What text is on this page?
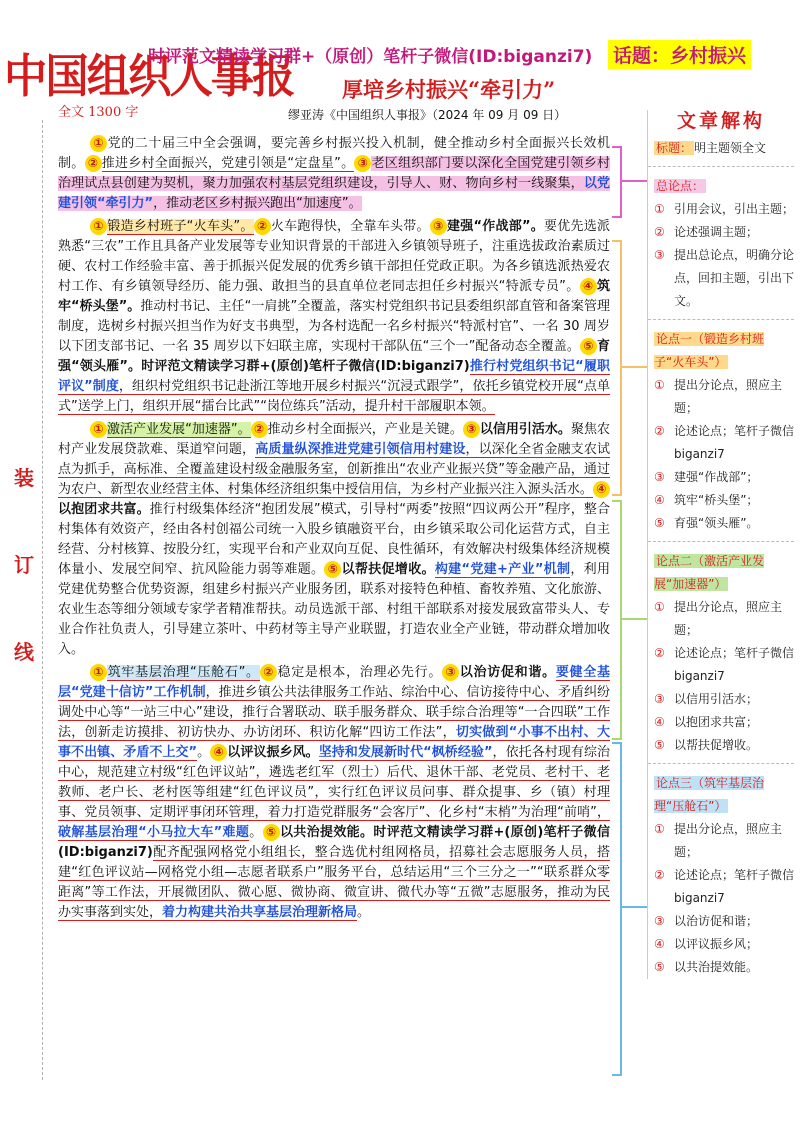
中国组织人事报
时评范文精读学习群+（原创）笔杆子微信(ID:biganzi7) 话题：乡村振兴
厚培乡村振兴“牵引力”
全文 1300 字	缪亚涛《中国组织人事报》（2024 年 09 月 09 日）
装
订
线

① 党的二十届三中全会强调，要完善乡村振兴投入机制，健全推动乡村全面振兴长效机制。 ② 推进乡村全面振兴，党建引领是“定盘星”。 ③ 老区组织部门要以深化全国党建引领乡村治理试点县创建为契机，聚力加强农村基层党组织建设，引导人、财、物向乡村一线聚集，以党建引领“牵引力”，推动老区乡村振兴跑出“加速度”。

① 锻造乡村班子“火车头”。 ② 火车跑得快，全靠车头带。 ③ 建强“作战部”。要优先选派熟悉“三农”工作且具备产业发展等专业知识背景的干部进入乡镇领导班子，注重选拔政治素质过硬、农村工作经验丰富、善于抓振兴促发展的优秀乡镇干部担任党政正职。为各乡镇选派热爱农村工作、有乡镇领导经历、能力强、敢担当的县直单位老同志担任乡村振兴“特派专员”。 ④ 筑牢“桥头堡”。推动村书记、主任“一肩挑”全覆盖，落实村党组织书记县委组织部直管和备案管理制度，选树乡村振兴担当作为好支书典型，为各村选配一名乡村振兴“特派村官”、一名 30 周岁以下团支部书记、一名 35 周岁以下妇联主席，实现村干部队伍“三个一”配备动态全覆盖。 ⑤ 育强“领头雁”。时评范文精读学习群+(原创)笔杆子微信(ID:biganzi7)推行村党组织书记“履职评议”制度，组织村党组织书记赴浙江等地开展乡村振兴“沉浸式跟学”，依托乡镇党校开展“点单式”送学上门，组织开展“擂台比武”“岗位练兵”活动，提升村干部履职本领。

① 激活产业发展“加速器”。 ② 推动乡村全面振兴，产业是关键。 ③ 以信用引活水。聚焦农村产业发展贷款难、渠道窄问题，高质量纵深推进党建引领信用村建设，以深化全省金融支农试点为抓手，高标准、全覆盖建设村级金融服务室，创新推出“农业产业振兴贷”等金融产品，通过为农户、新型农业经营主体、村集体经济组织集中授信用信，为乡村产业振兴注入源头活水。 ④以抱团求共富。推行村级集体经济“抱团发展”模式，引导村“两委”按照“四议两公开”程序，整合村集体有效资产，经由各村创福公司统一入股乡镇融资平台，由乡镇采取公司化运营方式，自主经营、分村核算、按股分红，实现平台和产业双向互促、良性循环，有效解决村级集体经济规模体量小、发展空间窄、抗风险能力弱等难题。 ⑤ 以帮扶促增收。构建“党建+产业”机制，利用党建优势整合优势资源，组建乡村振兴产业服务团，联系对接特色种植、畜牧养殖、文化旅游、农业生态等细分领域专家学者精准帮扶。动员选派干部、村组干部联系对接发展致富带头人、专业合作社负责人，引导建立茶叶、中药材等主导产业联盟，打造农业全产业链，带动群众增加收入。

① 筑牢基层治理“压舱石”。 ② 稳定是根本，治理必先行。 ③ 以治访促和谐。要健全基层“党建十信访”工作机制，推进乡镇公共法律服务工作站、综治中心、信访接待中心、矛盾纠纷调处中心等“一站三中心”建设，推行合署联动、联手服务群众、联手综合治理等“一合四联”工作法，创新走访摸排、初访快办、办访闭环、积访化解“四访工作法”，切实做到“小事不出村、大事不出镇、矛盾不上交”。 ④ 以评议振乡风。坚持和发展新时代“枫桥经验”，依托各村现有综治中心，规范建立村级“红色评议站”，遴选老红军（烈士）后代、退休干部、老党员、老村干、老教师、老户长、老村医等组建“红色评议员”，实行红色评议员问事、群众提事、乡（镇）村理事、党员领事、定期评事闭环管理，着力打造党群服务“会客厅”、化乡村“末梢”为治理“前哨”，破解基层治理“小马拉大车”难题。 ⑤ 以共治提效能。时评范文精读学习群+(原创)笔杆子微信(ID:biganzi7)配齐配强网格党小组组长，整合选优村组网格员，招募社会志愿服务人员，搭建“红色评议站—网格党小组—志愿者联系户”服务平台，总结运用“三个三分之一”“联系群众零距离”等工作法，开展微团队、微心愿、微协商、微宣讲、微代办等“五微”志愿服务，推动为民办实事落到实处，着力构建共治共享基层治理新格局。

文章解构
标题： 明主题领全文
总论点：
① 引用会议，引出主题；
② 论述强调主题；
③ 提出总论点，明确分论点，回扣主题，引出下文。
论点一（锻造乡村班子“火车头”）
① 提出分论点，照应主题；
② 论述论点；笔杆子微信 biganzi7
③ 建强“作战部”；
④ 筑牢“桥头堡”；
⑤ 育强“领头雁”。
论点二（激活产业发展“加速器”）
① 提出分论点，照应主题；
② 论述论点；笔杆子微信 biganzi7
③ 以信用引活水；
④ 以抱团求共富；
⑤ 以帮扶促增收。
论点三（筑牢基层治理“压舱石”）
① 提出分论点，照应主题；
② 论述论点；笔杆子微信 biganzi7
③ 以治访促和谐；
④ 以评议振乡风；
⑤ 以共治提效能。
